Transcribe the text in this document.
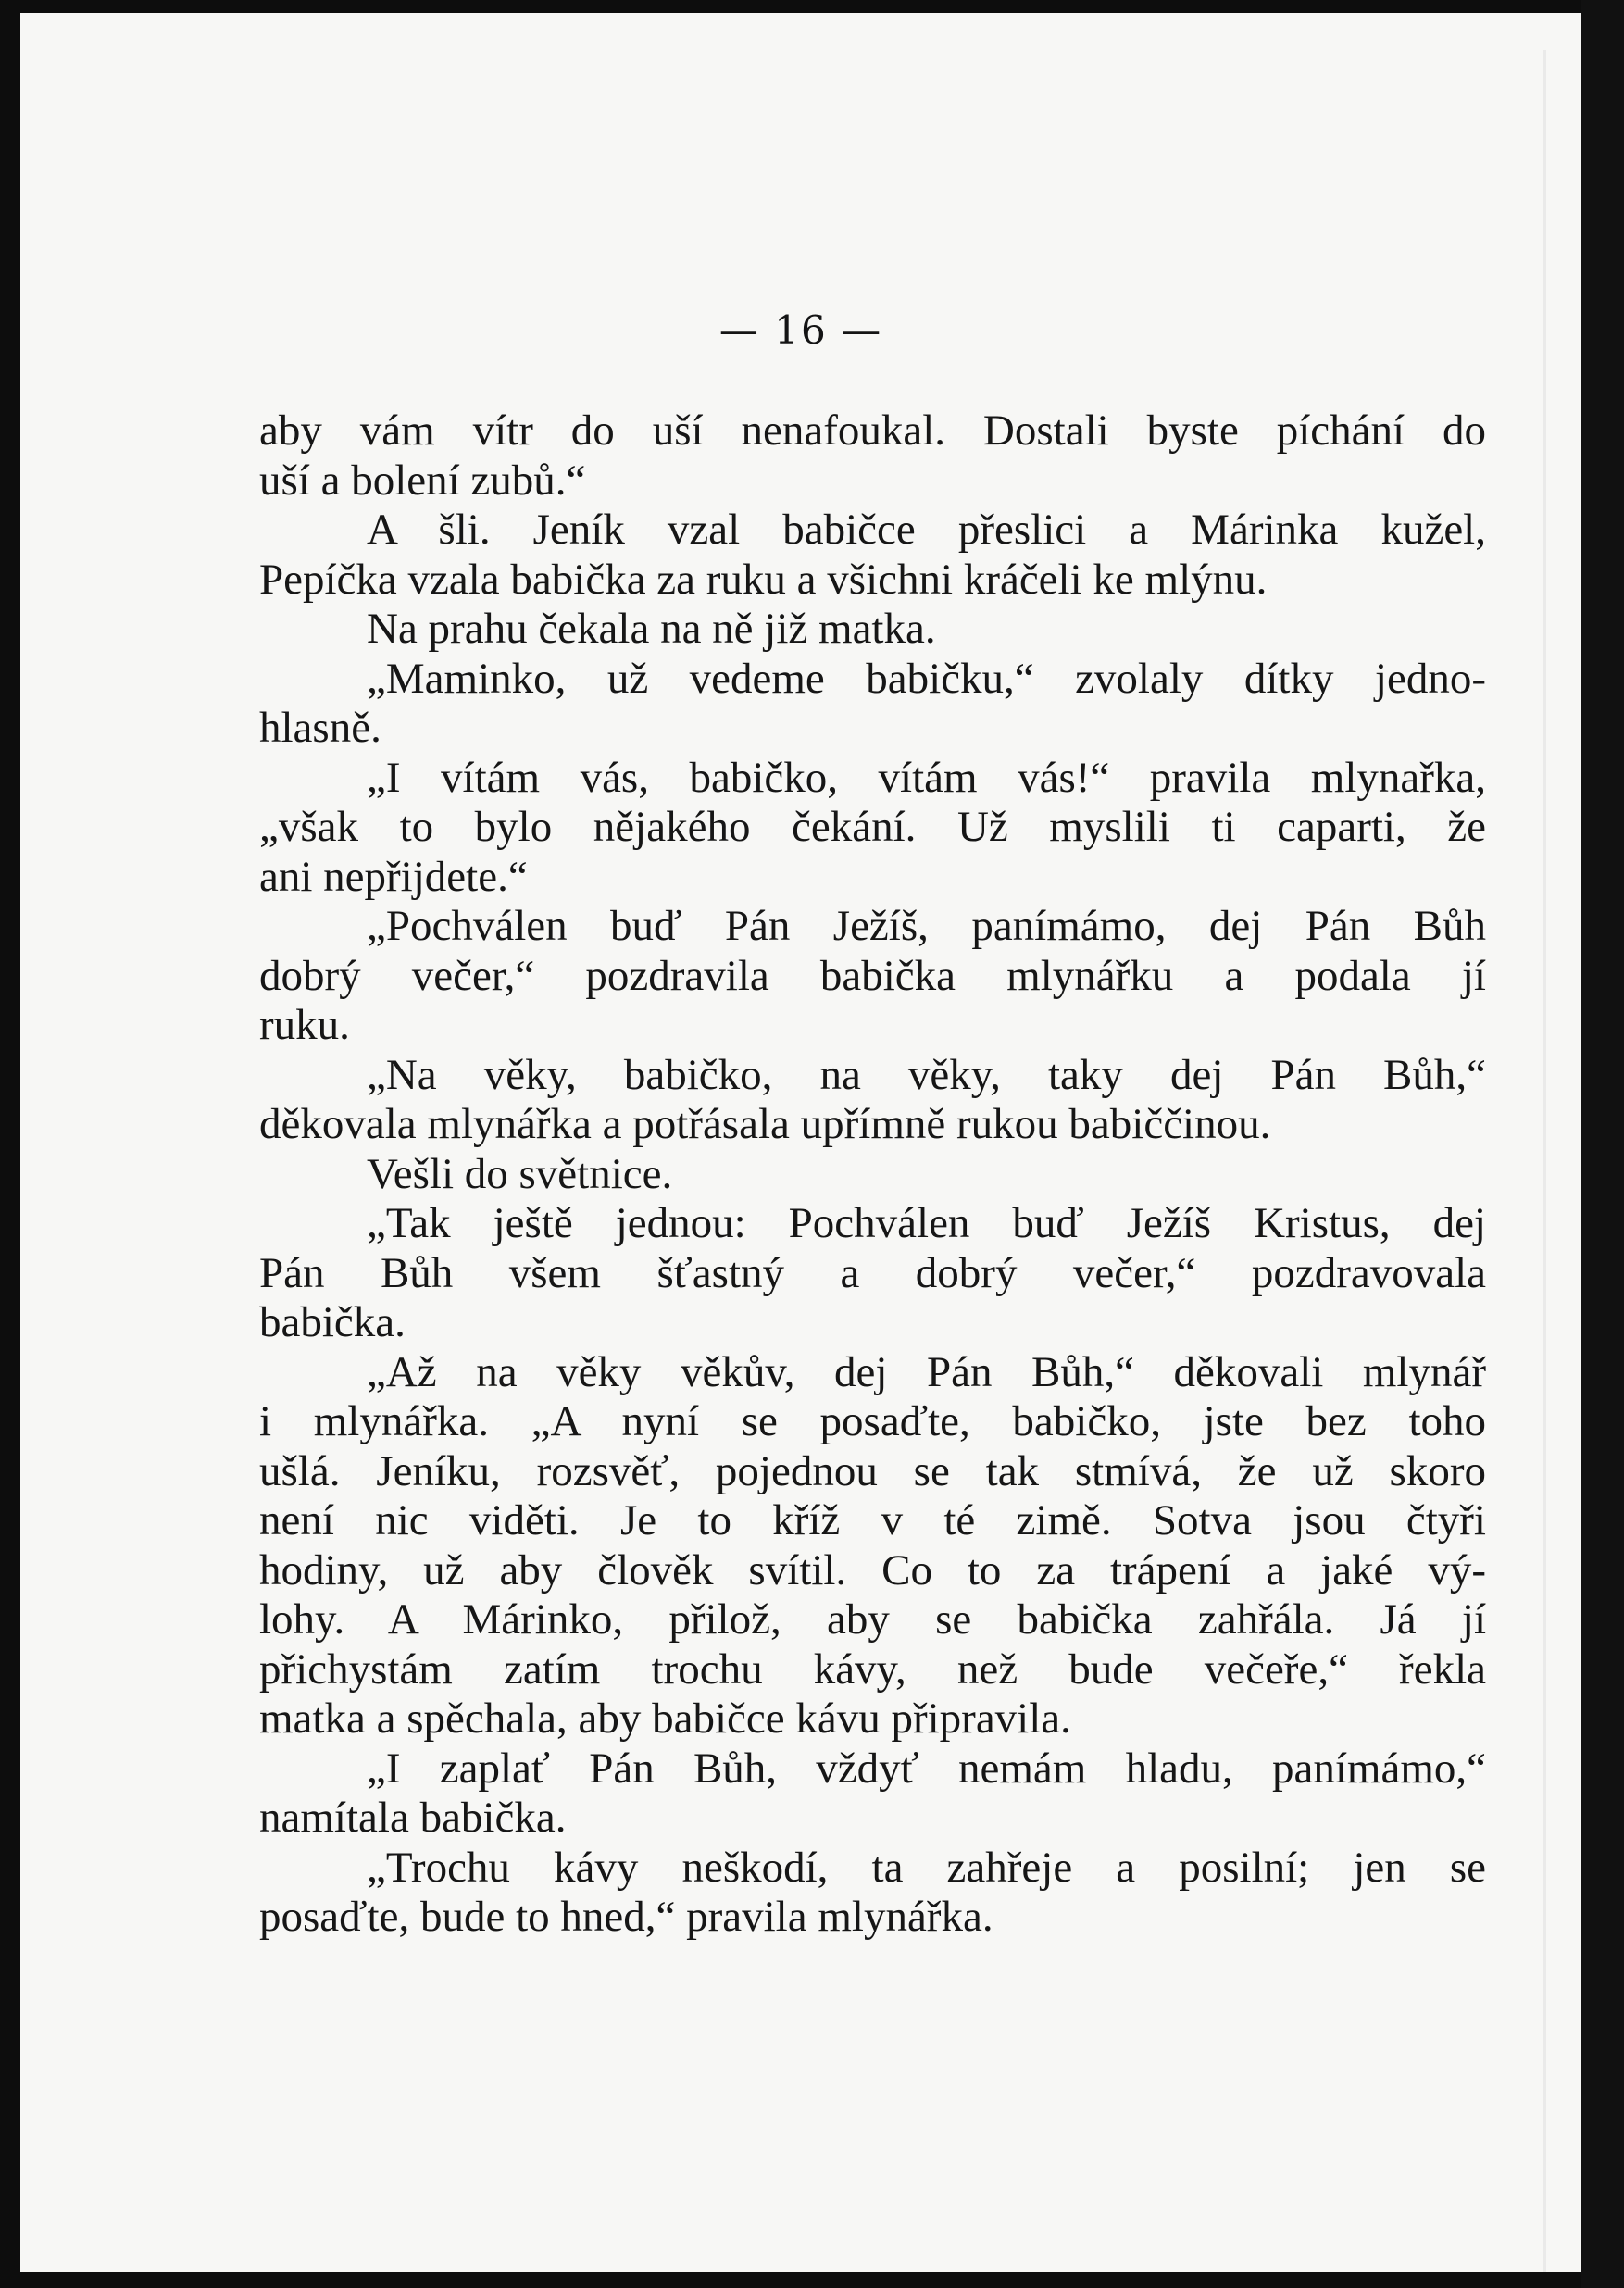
— 16 —
aby vám vítr do uší nenafoukal. Dostali byste píchání do
uší a bolení zubů.“
A šli. Jeník vzal babičce přeslici a Márinka kužel,
Pepíčka vzala babička za ruku a všichni kráčeli ke mlýnu.
Na prahu čekala na ně již matka.
„Maminko, už vedeme babičku,“ zvolaly dítky jedno-
hlasně.
„I vítám vás, babičko, vítám vás!“ pravila mlynařka,
„však to bylo nějakého čekání. Už myslili ti caparti, že
ani nepřijdete.“
„Pochválen buď Pán Ježíš, panímámo, dej Pán Bůh
dobrý večer,“ pozdravila babička mlynářku a podala jí
ruku.
„Na věky, babičko, na věky, taky dej Pán Bůh,“
děkovala mlynářka a potřásala upřímně rukou babiččinou.
Vešli do světnice.
„Tak ještě jednou: Pochválen buď Ježíš Kristus, dej
Pán Bůh všem šťastný a dobrý večer,“ pozdravovala
babička.
„Až na věky věkův, dej Pán Bůh,“ děkovali mlynář
i mlynářka. „A nyní se posaďte, babičko, jste bez toho
ušlá. Jeníku, rozsvěť, pojednou se tak stmívá, že už skoro
není nic viděti. Je to kříž v té zimě. Sotva jsou čtyři
hodiny, už aby člověk svítil. Co to za trápení a jaké vý-
lohy. A Márinko, přilož, aby se babička zahřála. Já jí
přichystám zatím trochu kávy, než bude večeře,“ řekla
matka a spěchala, aby babičce kávu připravila.
„I zaplať Pán Bůh, vždyť nemám hladu, panímámo,“
namítala babička.
„Trochu kávy neškodí, ta zahřeje a posilní; jen se
posaďte, bude to hned,“ pravila mlynářka.
